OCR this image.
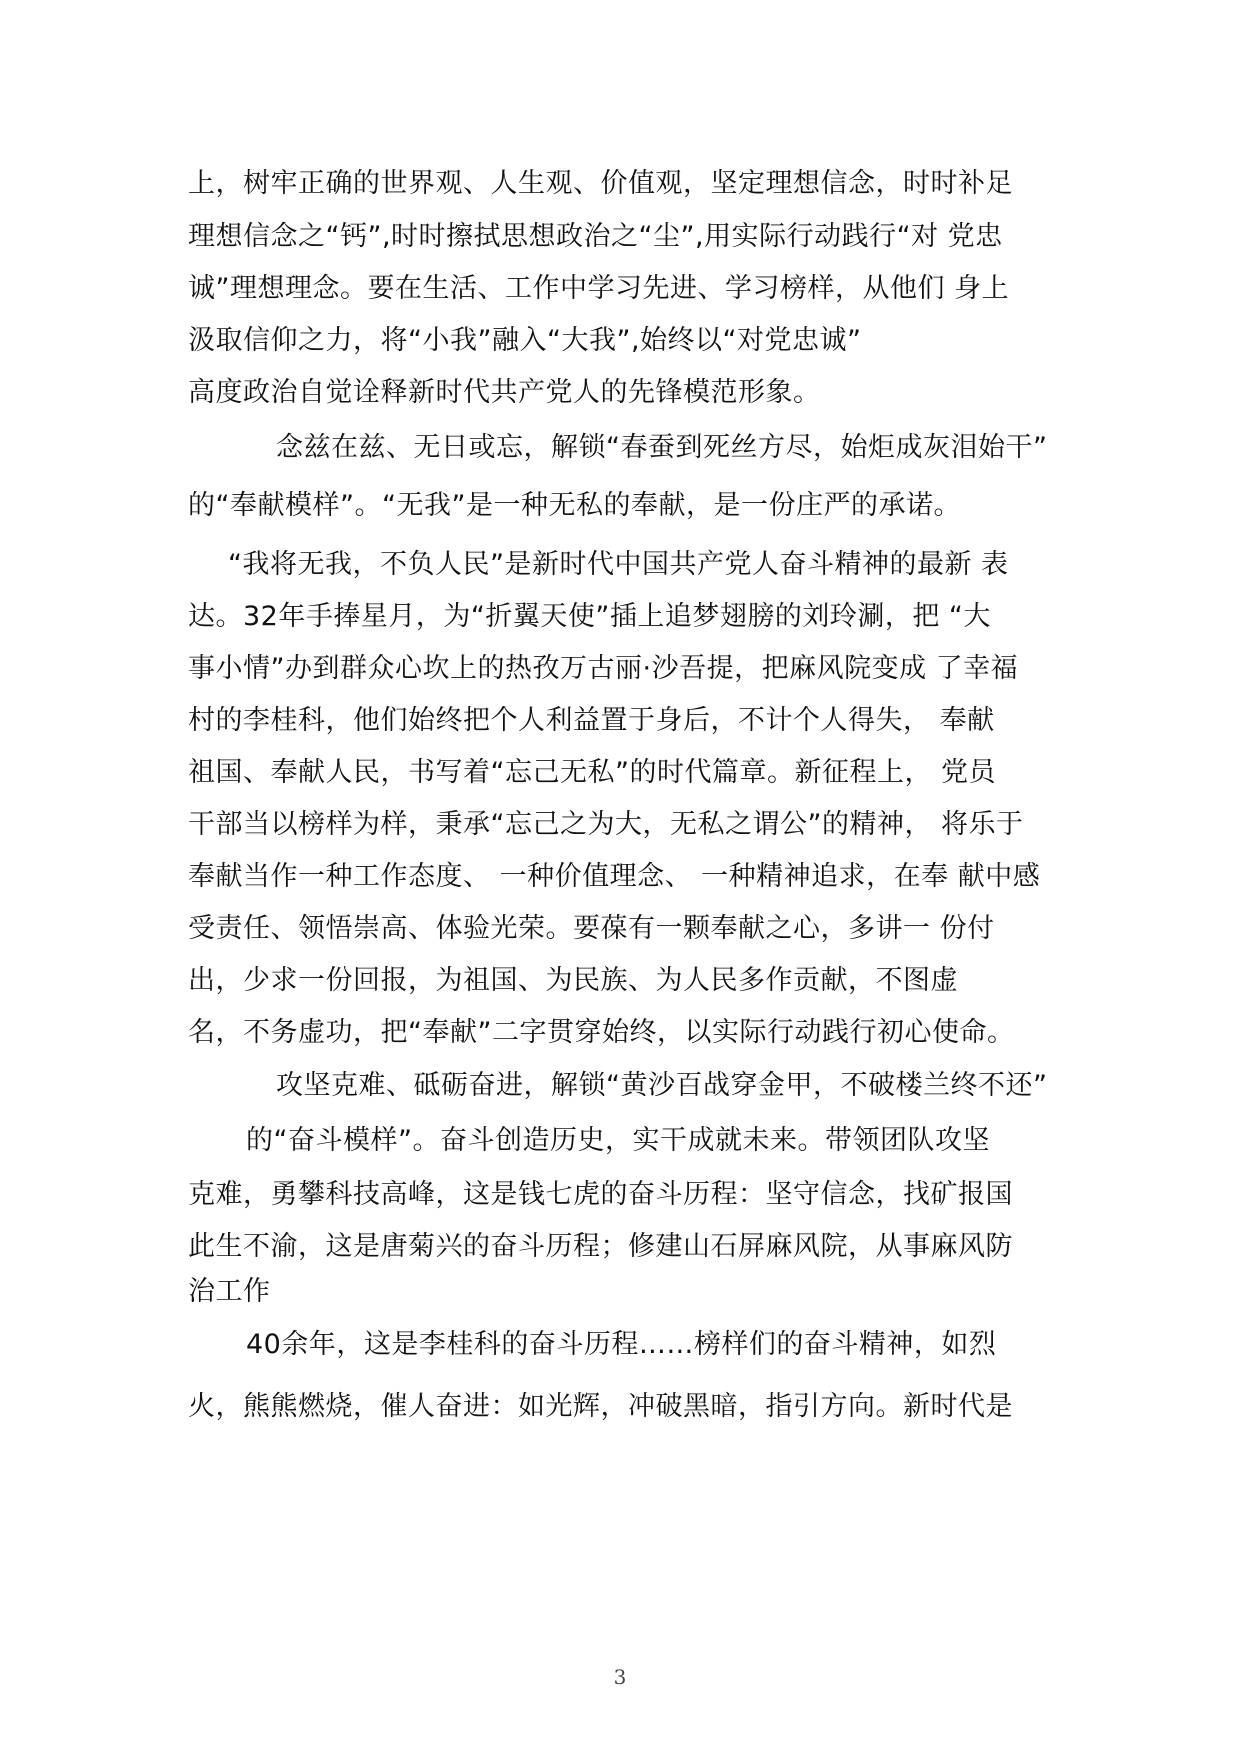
上，树牢正确的世界观、人生观、价值观，坚定理想信念，时时补足
理想信念之“钙”,时时擦拭思想政治之“尘”,用实际行动践行“对 党忠
诚”理想理念。要在生活、工作中学习先进、学习榜样，从他们 身上
汲取信仰之力，将“小我”融入“大我”,始终以“对党忠诚”
高度政治自觉诠释新时代共产党人的先锋模范形象。
念兹在兹、无日或忘，解锁“春蚕到死丝方尽，始炬成灰泪始干”
的“奉献模样”。“无我”是一种无私的奉献，是一份庄严的承诺。
“我将无我，不负人民”是新时代中国共产党人奋斗精神的最新 表
达。32年手捧星月，为“折翼天使”插上追梦翅膀的刘玲涮，把 “大
事小情”办到群众心坎上的热孜万古丽·沙吾提，把麻风院变成 了幸福
村的李桂科，他们始终把个人利益置于身后，不计个人得失， 奉献
祖国、奉献人民，书写着“忘己无私”的时代篇章。新征程上， 党员
干部当以榜样为样，秉承“忘己之为大，无私之谓公”的精神， 将乐于
奉献当作一种工作态度、 一种价值理念、 一种精神追求，在奉 献中感
受责任、领悟崇高、体验光荣。要葆有一颗奉献之心，多讲一 份付
出，少求一份回报，为祖国、为民族、为人民多作贡献，不图虚
名，不务虚功，把“奉献”二字贯穿始终，以实际行动践行初心使命。
攻坚克难、砥砺奋进，解锁“黄沙百战穿金甲，不破楼兰终不还”
的“奋斗模样”。奋斗创造历史，实干成就未来。带领团队攻坚
克难，勇攀科技高峰，这是钱七虎的奋斗历程：坚守信念，找矿报国
此生不渝，这是唐菊兴的奋斗历程；修建山石屏麻风院，从事麻风防
治工作
40余年，这是李桂科的奋斗历程……榜样们的奋斗精神，如烈
火，熊熊燃烧，催人奋进：如光辉，冲破黑暗，指引方向。新时代是
3
